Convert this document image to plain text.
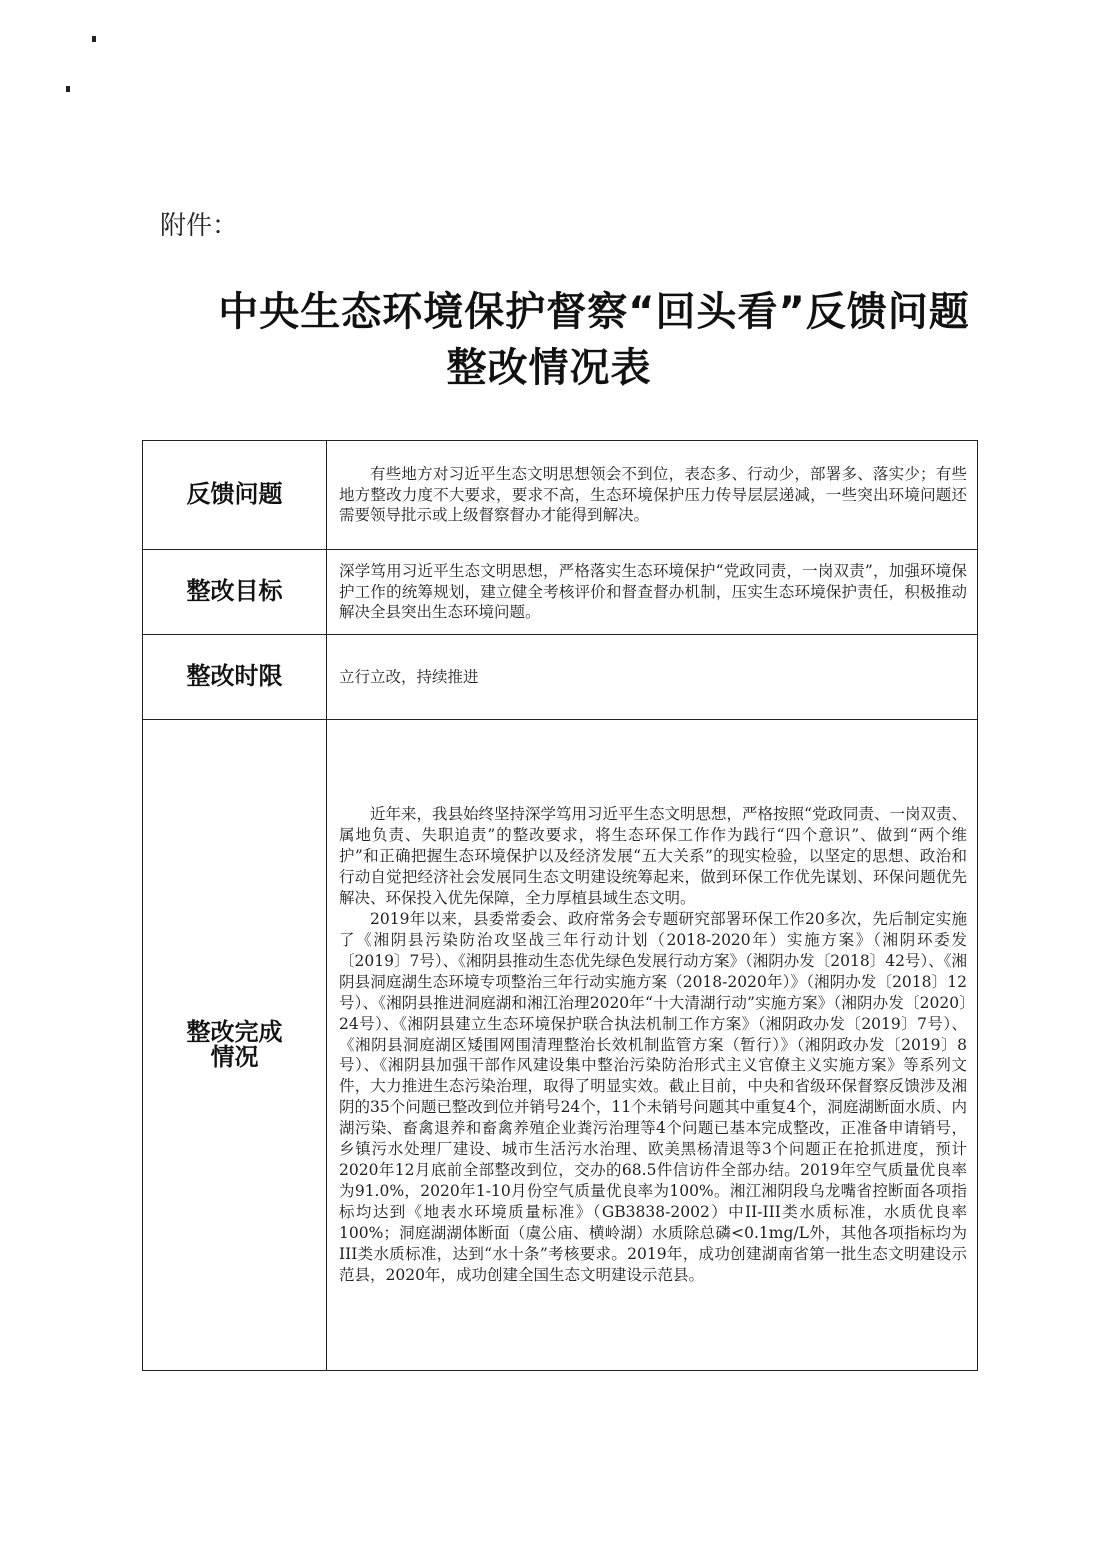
附件：
中央生态环境保护督察“回头看”反馈问题
整改情况表
反馈问题	有些地方对习近平生态文明思想领会不到位，表态多、行动少，部署多、落实少；有些地方整改力度不大要求，要求不高，生态环境保护压力传导层层递减，一些突出环境问题还需要领导批示或上级督察督办才能得到解决。

整改目标	深学笃用习近平生态文明思想，严格落实生态环境保护“党政同责，一岗双责”，加强环境保护工作的统筹规划，建立健全考核评价和督查督办机制，压实生态环境保护责任，积极推动解决全县突出生态环境问题。

整改时限	立行立改，持续推进

整改完成情况	近年来，我县始终坚持深学笃用习近平生态文明思想，严格按照“党政同责、一岗双责、属地负责、失职追责”的整改要求，将生态环保工作作为践行“四个意识”、做到“两个维护”和正确把握生态环境保护以及经济发展“五大关系”的现实检验，以坚定的思想、政治和行动自觉把经济社会发展同生态文明建设统筹起来，做到环保工作优先谋划、环保问题优先解决、环保投入优先保障，全力厚植县域生态文明。

2019年以来，县委常委会、政府常务会专题研究部署环保工作20多次，先后制定实施了《湘阴县污染防治攻坚战三年行动计划（2018-2020年）实施方案》（湘阴环委发〔2019〕7号）、《湘阴县推动生态优先绿色发展行动方案》（湘阴办发〔2018〕42号）、《湘阴县洞庭湖生态环境专项整治三年行动实施方案（2018-2020年）》（湘阴办发〔2018〕12号）、《湘阴县推进洞庭湖和湘江治理2020年“十大清湖行动”实施方案》（湘阴办发〔2020〕24号）、《湘阴县建立生态环境保护联合执法机制工作方案》（湘阴政办发〔2019〕7号）、《湘阴县洞庭湖区矮围网围清理整治长效机制监管方案（暂行）》（湘阴政办发〔2019〕8号）、《湘阴县加强干部作风建设集中整治污染防治形式主义官僚主义实施方案》等系列文件，大力推进生态污染治理，取得了明显实效。截止目前，中央和省级环保督察反馈涉及湘阴的35个问题已整改到位并销号24个，11个未销号问题其中重复4个，洞庭湖断面水质、内湖污染、畜禽退养和畜禽养殖企业粪污治理等4个问题已基本完成整改，正准备申请销号，乡镇污水处理厂建设、城市生活污水治理、欧美黑杨清退等3个问题正在抢抓进度，预计2020年12月底前全部整改到位，交办的68.5件信访件全部办结。2019年空气质量优良率为91.0%，2020年1-10月份空气质量优良率为100%。湘江湘阴段乌龙嘴省控断面各项指标均达到《地表水环境质量标准》（GB3838-2002）中II-III类水质标准，水质优良率100%；洞庭湖湖体断面（虞公庙、横岭湖）水质除总磷<0.1mg/L外，其他各项指标均为III类水质标准，达到“水十条”考核要求。2019年，成功创建湖南省第一批生态文明建设示范县，2020年，成功创建全国生态文明建设示范县。
